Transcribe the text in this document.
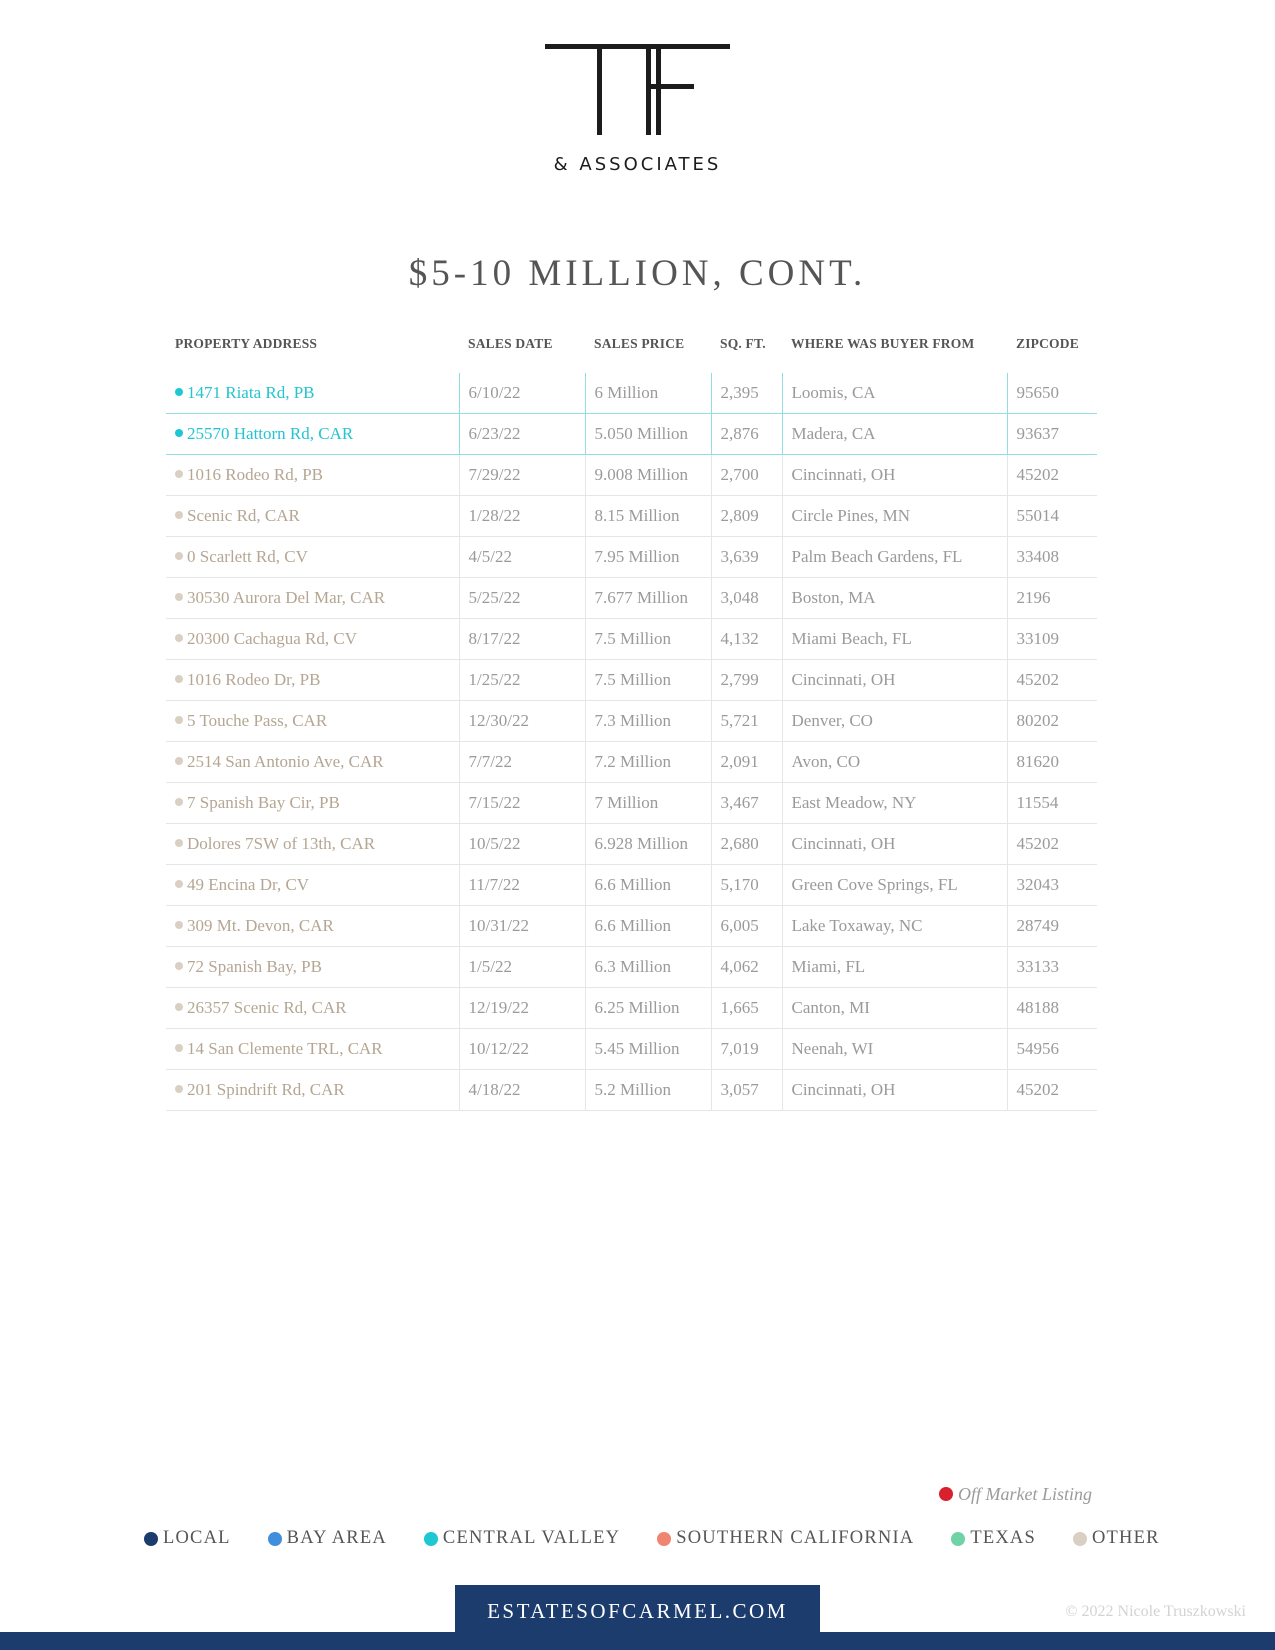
& ASSOCIATES
$5-10 MILLION, CONT.
PROPERTY ADDRESS	SALES DATE	SALES PRICE	SQ. FT.	WHERE WAS BUYER FROM	ZIPCODE
1471 Riata Rd, PB	6/10/22	6 Million	2,395	Loomis, CA	95650
25570 Hattorn Rd, CAR	6/23/22	5.050 Million	2,876	Madera, CA	93637
1016 Rodeo Rd, PB	7/29/22	9.008 Million	2,700	Cincinnati, OH	45202
Scenic Rd, CAR	1/28/22	8.15 Million	2,809	Circle Pines, MN	55014
0 Scarlett Rd, CV	4/5/22	7.95 Million	3,639	Palm Beach Gardens, FL	33408
30530 Aurora Del Mar, CAR	5/25/22	7.677 Million	3,048	Boston, MA	2196
20300 Cachagua Rd, CV	8/17/22	7.5 Million	4,132	Miami Beach, FL	33109
1016 Rodeo Dr, PB	1/25/22	7.5 Million	2,799	Cincinnati, OH	45202
5 Touche Pass, CAR	12/30/22	7.3 Million	5,721	Denver, CO	80202
2514 San Antonio Ave, CAR	7/7/22	7.2 Million	2,091	Avon, CO	81620
7 Spanish Bay Cir, PB	7/15/22	7 Million	3,467	East Meadow, NY	11554
Dolores 7SW of 13th, CAR	10/5/22	6.928 Million	2,680	Cincinnati, OH	45202
49 Encina Dr, CV	11/7/22	6.6 Million	5,170	Green Cove Springs, FL	32043
309 Mt. Devon, CAR	10/31/22	6.6 Million	6,005	Lake Toxaway, NC	28749
72 Spanish Bay, PB	1/5/22	6.3 Million	4,062	Miami, FL	33133
26357 Scenic Rd, CAR	12/19/22	6.25 Million	1,665	Canton, MI	48188
14 San Clemente TRL, CAR	10/12/22	5.45 Million	7,019	Neenah, WI	54956
201 Spindrift Rd, CAR	4/18/22	5.2 Million	3,057	Cincinnati, OH	45202
Off Market Listing
LOCAL	BAY AREA	CENTRAL VALLEY	SOUTHERN CALIFORNIA	TEXAS	OTHER
ESTATESOFCARMEL.COM	© 2022 Nicole Truszkowski
